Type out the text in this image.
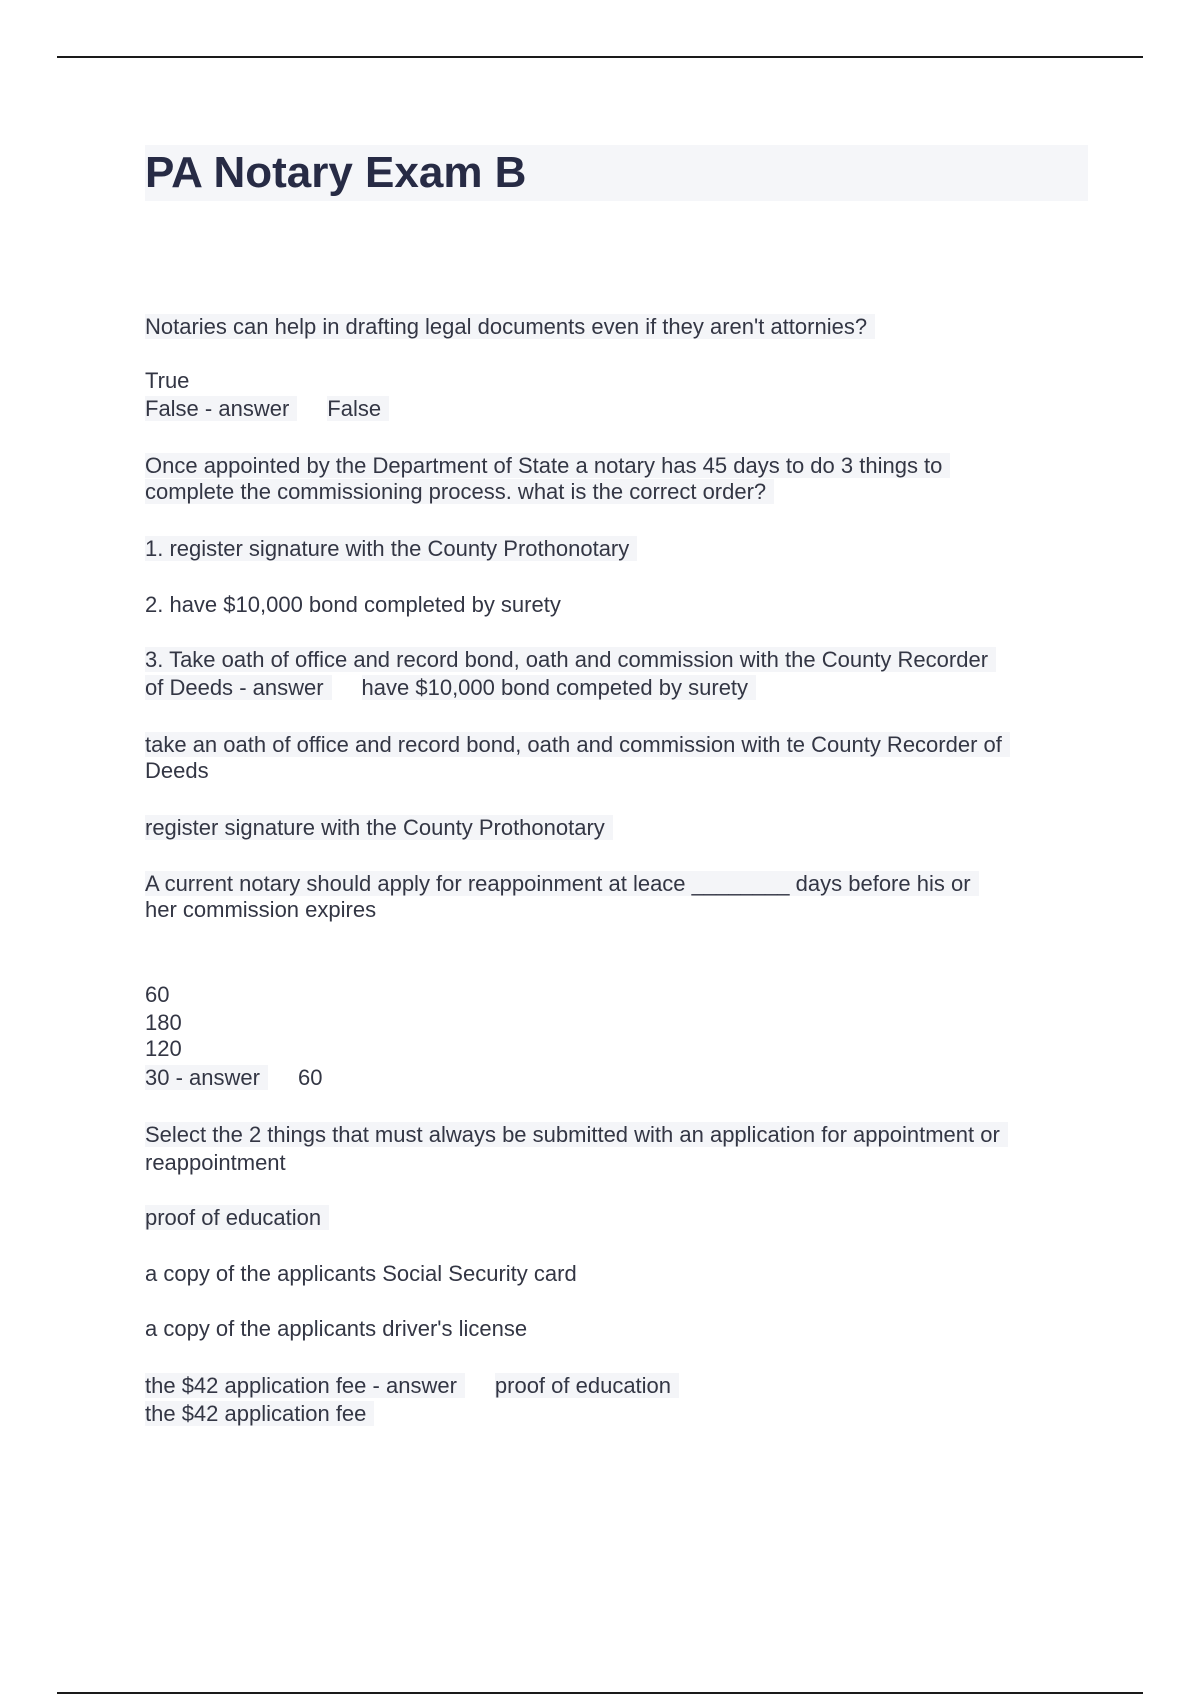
PA Notary Exam B
Notaries can help in drafting legal documents even if they aren't attornies?
True
False - answer False
Once appointed by the Department of State a notary has 45 days to do 3 things to
complete the commissioning process. what is the correct order?
1. register signature with the County Prothonotary
2. have $10,000 bond completed by surety
3. Take oath of office and record bond, oath and commission with the County Recorder
of Deeds - answer have $10,000 bond competed by surety
take an oath of office and record bond, oath and commission with te County Recorder of
Deeds
register signature with the County Prothonotary
A current notary should apply for reappoinment at leace ________ days before his or
her commission expires
60
180
120
30 - answer 60
Select the 2 things that must always be submitted with an application for appointment or
reappointment
proof of education
a copy of the applicants Social Security card
a copy of the applicants driver's license
the $42 application fee - answer proof of education
the $42 application fee
